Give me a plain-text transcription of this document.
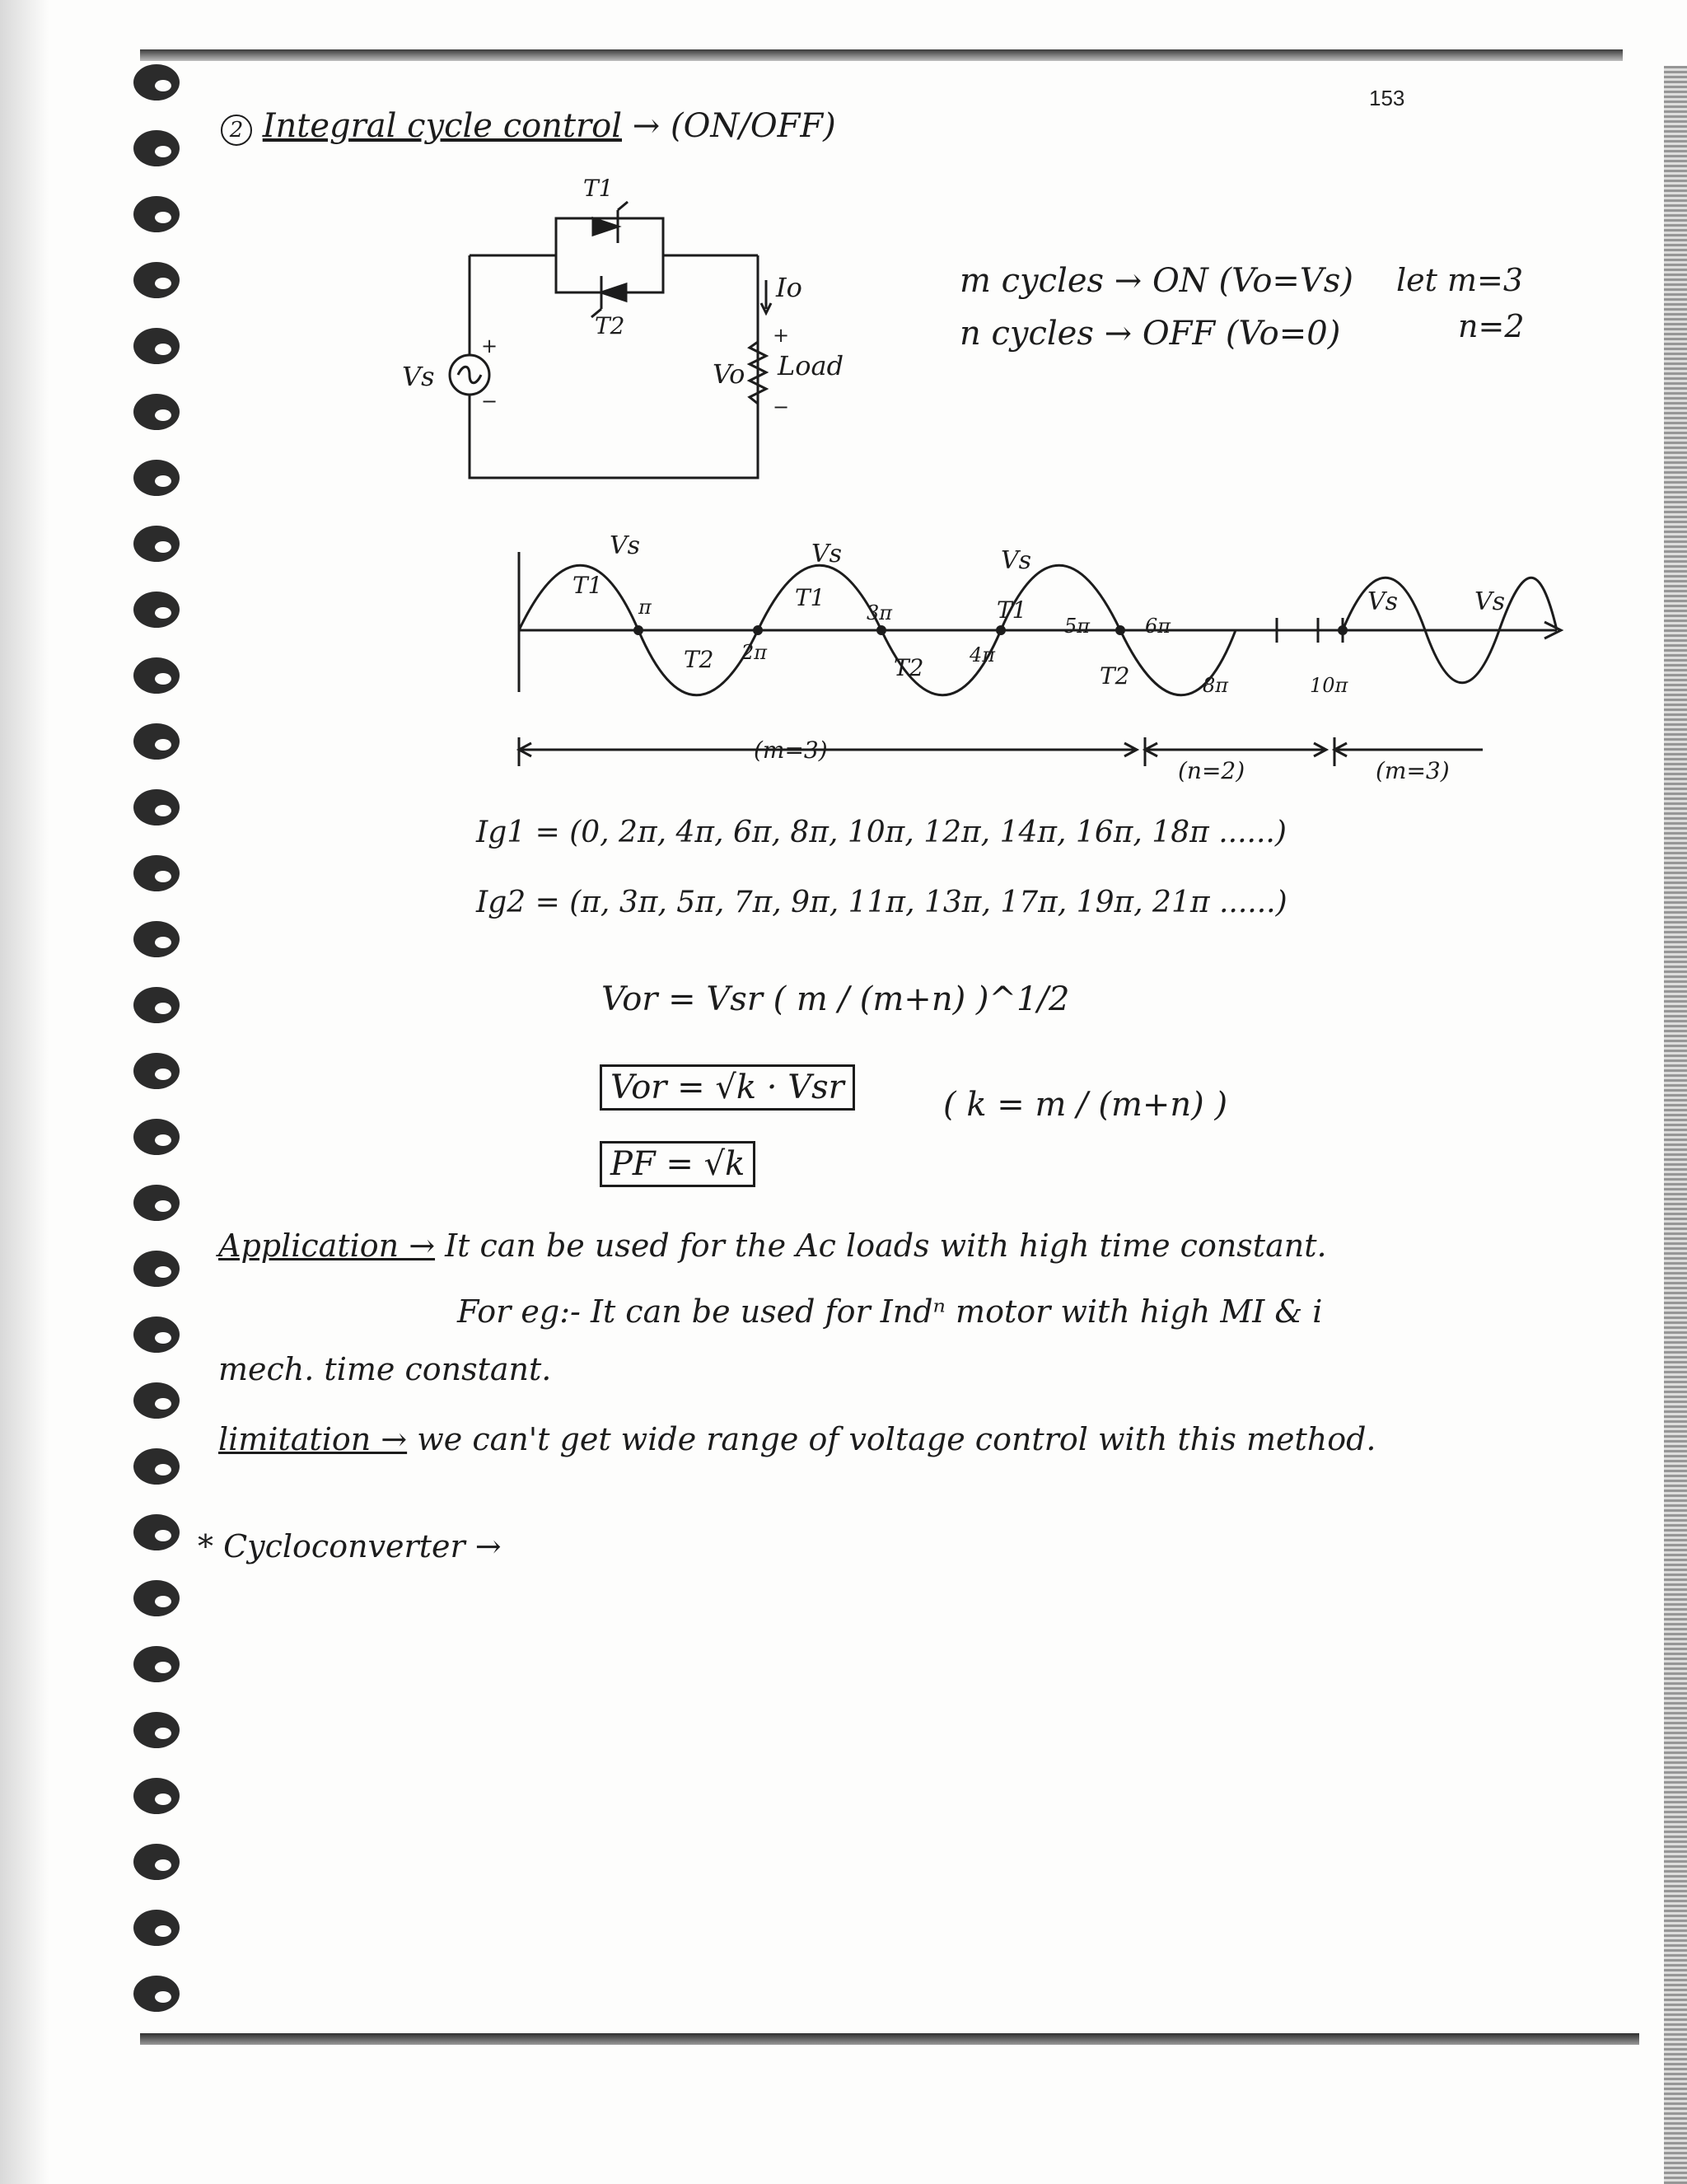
153
2 Integral cycle control → (ON/OFF)
T1
T2
Vs
+
−
Io
Vo Load
+
−
m cycles → ON (Vo=Vs)
n cycles → OFF (Vo=0)
let m=3
n=2
Vs	Vs	Vs
Vs	Vs
T1
T2
T1
T2
T1
T2
π
2π
3π
4π
5π	6π
8π	10π
(m=3)
(n=2)	(m=3)
Ig1 = (0, 2π, 4π, 6π, 8π, 10π, 12π, 14π, 16π, 18π ......)
Ig2 = (π, 3π, 5π, 7π, 9π, 11π, 13π, 17π, 19π, 21π ......)
Vor = Vsr ( m / (m+n) )^1/2
Vor = √k · Vsr
PF = √k
( k = m / (m+n) )
Application → It can be used for the Ac loads with high time constant.
For eg:- It can be used for Indⁿ motor with high MI & i
mech. time constant.
limitation → we can't get wide range of voltage control with this method.
* Cycloconverter →
